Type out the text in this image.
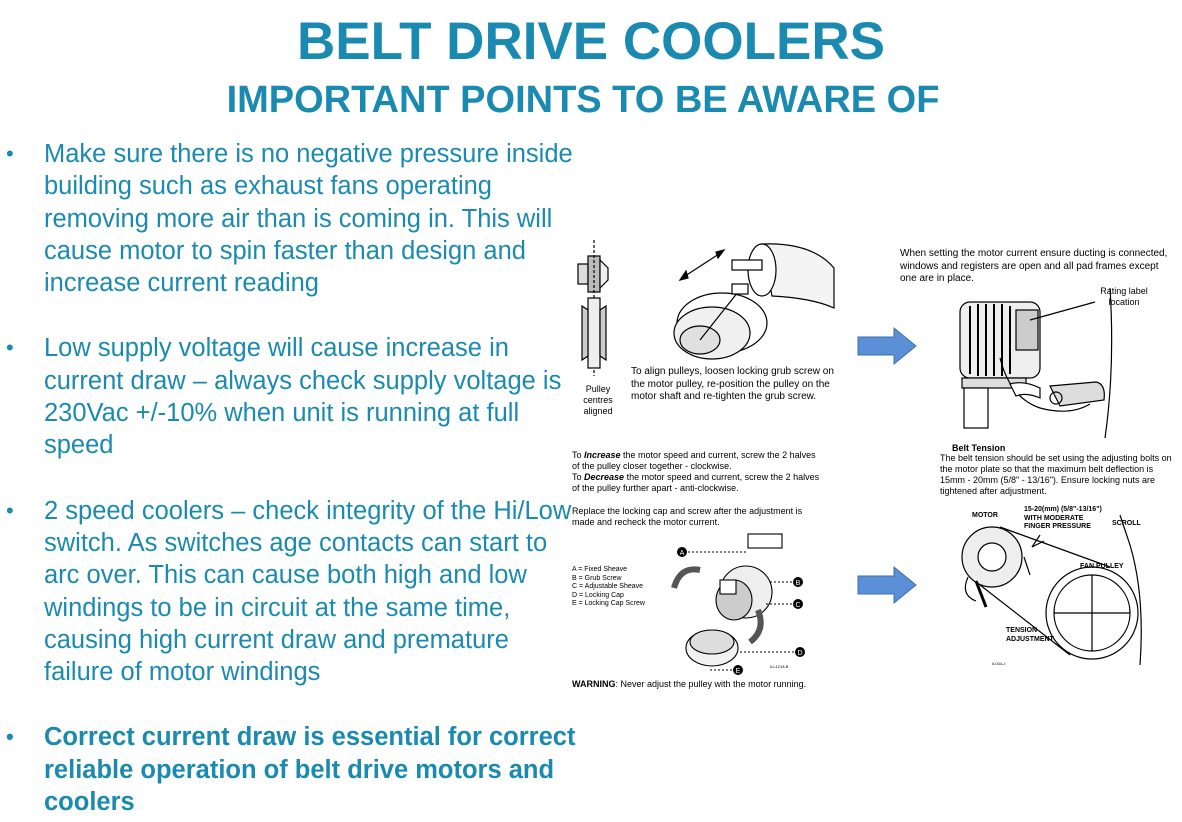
BELT DRIVE COOLERS
IMPORTANT POINTS TO BE AWARE OF
• Make sure there is no negative pressure inside building such as exhaust fans operating removing more air than is coming in. This will cause motor to spin faster than design and increase current reading
• Low supply voltage will cause increase in current draw – always check supply voltage is 230Vac +/-10% when unit is running at full speed
• 2 speed coolers – check integrity of the Hi/Low switch. As switches age contacts can start to arc over. This can cause both high and low windings to be in circuit at the same time, causing high current draw and premature failure of motor windings
• Correct current draw is essential for correct reliable operation of belt drive motors and coolers
Pulley centres aligned
To align pulleys, loosen locking grub screw on the motor pulley, re-position the pulley on the motor shaft and re-tighten the grub screw.
When setting the motor current ensure ducting is connected, windows and registers are open and all pad frames except one are in place.
Rating label location
To Increase the motor speed and current, screw the 2 halves of the pulley closer together - clockwise.
To Decrease the motor speed and current, screw the 2 halves of the pulley further apart - anti-clockwise.
Replace the locking cap and screw after the adjustment is made and recheck the motor current.
A = Fixed Sheave
B = Grub Screw
C = Adjustable Sheave
D = Locking Cap
E = Locking Cap Screw
A
B
C
D
E
ILL1218-B
WARNING: Never adjust the pulley with the motor running.
Belt Tension
The belt tension should be set using the adjusting bolts on the motor plate so that the maximum belt deflection is 15mm - 20mm (5/8" - 13/16"). Ensure locking nuts are tightened after adjustment.
MOTOR
SCROLL
FAN PULLEY
IL034-J
15-20(mm) (5/8"-13/16") WITH MODERATE FINGER PRESSURE
TENSION ADJUSTMENT
